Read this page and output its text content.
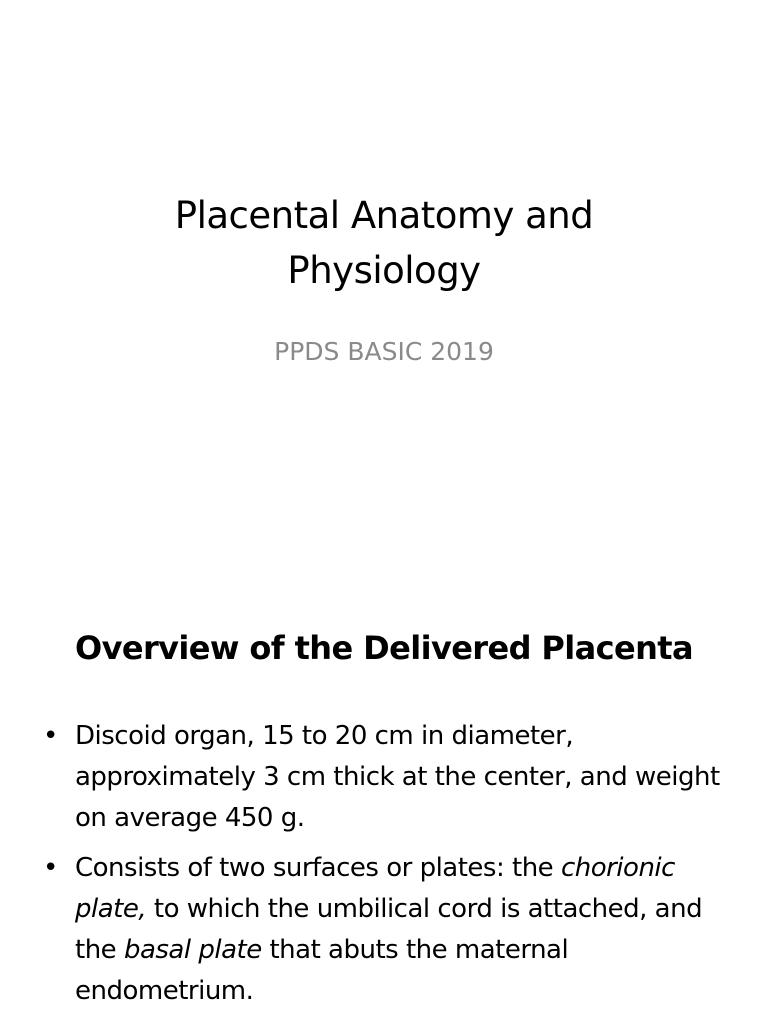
Placental Anatomy and Physiology
PPDS BASIC 2019
Overview of the Delivered Placenta
• Discoid organ, 15 to 20 cm in diameter, approximately 3 cm thick at the center, and weight on average 450 g.
• Consists of two surfaces or plates: the chorionic plate, to which the umbilical cord is attached, and the basal plate that abuts the maternal endometrium.
